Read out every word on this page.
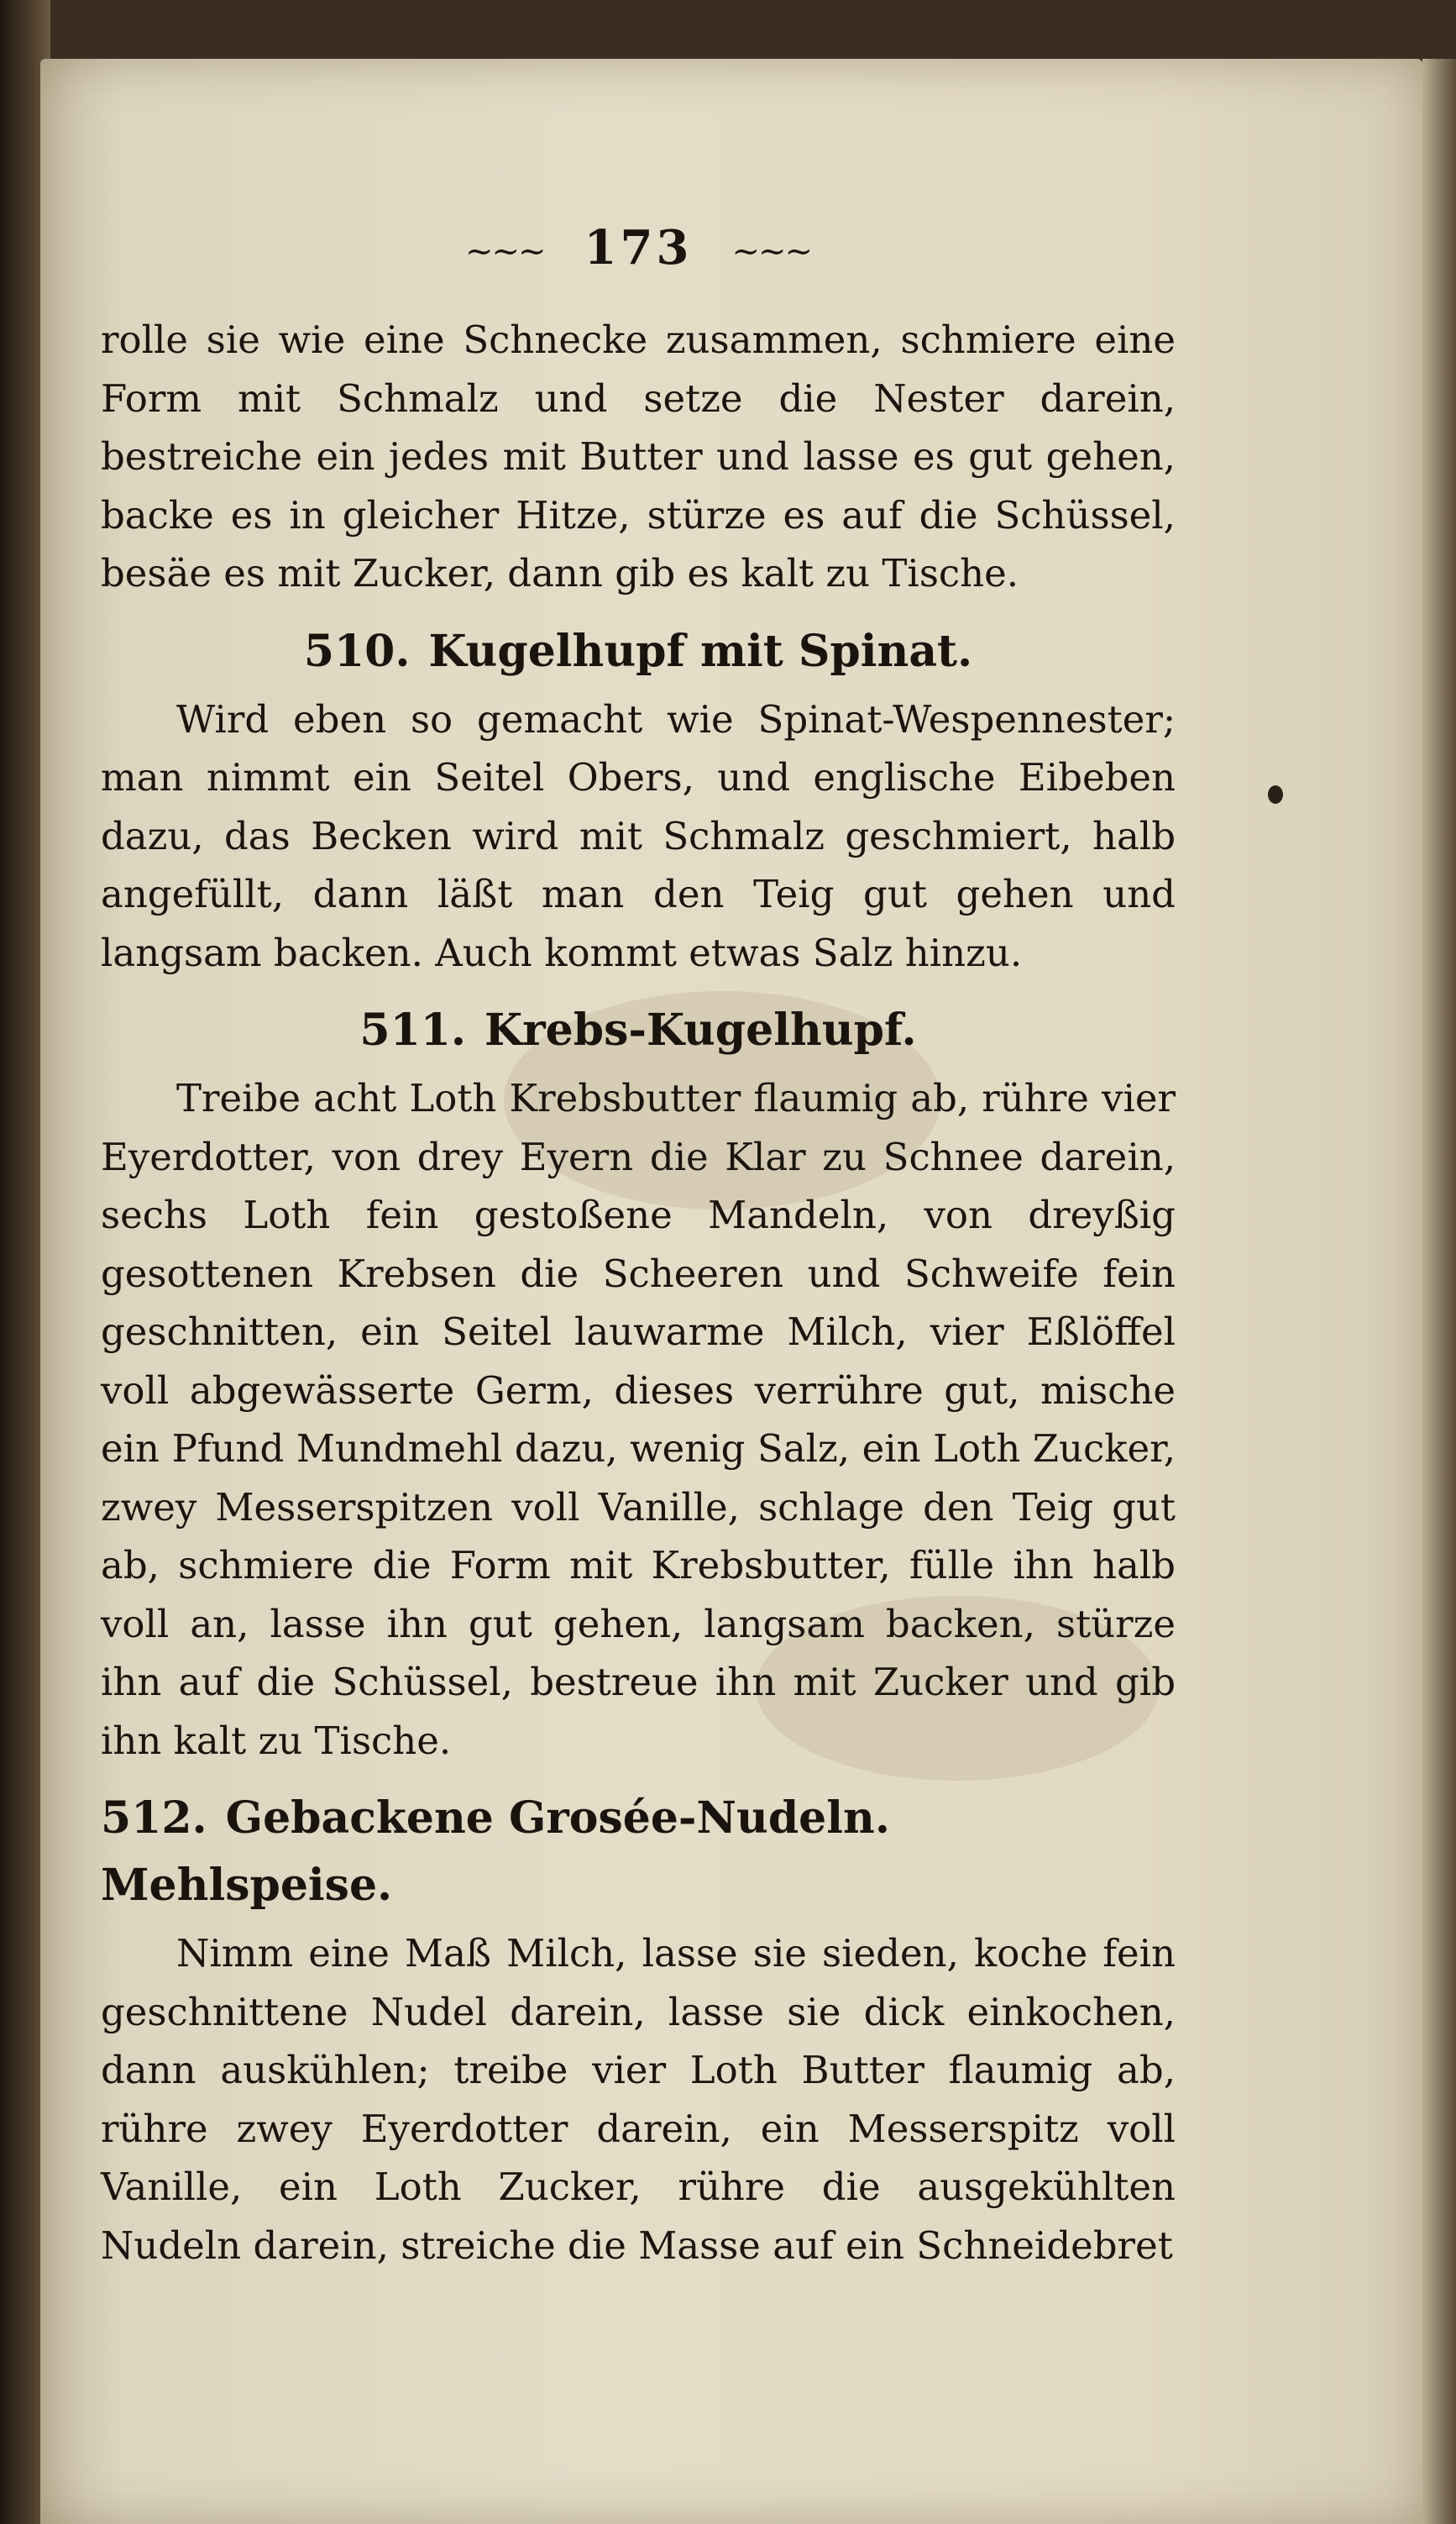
~~~ 173 ~~~

rolle sie wie eine Schnecke zusammen, schmiere eine Form mit Schmalz und setze die Nester darein, bestreiche ein jedes mit Butter und lasse es gut gehen, backe es in gleicher Hitze, stürze es auf die Schüssel, besäe es mit Zucker, dann gib es kalt zu Tische.

510. Kugelhupf mit Spinat.

Wird eben so gemacht wie Spinat-Wespennester; man nimmt ein Seitel Obers, und englische Eibeben dazu, das Becken wird mit Schmalz geschmiert, halb angefüllt, dann läßt man den Teig gut gehen und langsam backen. Auch kommt etwas Salz hinzu.

511. Krebs-Kugelhupf.

Treibe acht Loth Krebsbutter flaumig ab, rühre vier Eyerdotter, von drey Eyern die Klar zu Schnee darein, sechs Loth fein gestoßene Mandeln, von dreyßig gesottenen Krebsen die Scheeren und Schweife fein geschnitten, ein Seitel lauwarme Milch, vier Eßlöffel voll abgewässerte Germ, dieses verrühre gut, mische ein Pfund Mundmehl dazu, wenig Salz, ein Loth Zucker, zwey Messerspitzen voll Vanille, schlage den Teig gut ab, schmiere die Form mit Krebsbutter, fülle ihn halb voll an, lasse ihn gut gehen, langsam backen, stürze ihn auf die Schüssel, bestreue ihn mit Zucker und gib ihn kalt zu Tische.

512. Gebackene Grosée-Nudeln. Mehlspeise.

Nimm eine Maß Milch, lasse sie sieden, koche fein geschnittene Nudel darein, lasse sie dick einkochen, dann auskühlen; treibe vier Loth Butter flaumig ab, rühre zwey Eyerdotter darein, ein Messerspitz voll Vanille, ein Loth Zucker, rühre die ausgekühlten Nudeln darein, streiche die Masse auf ein Schneidebret
